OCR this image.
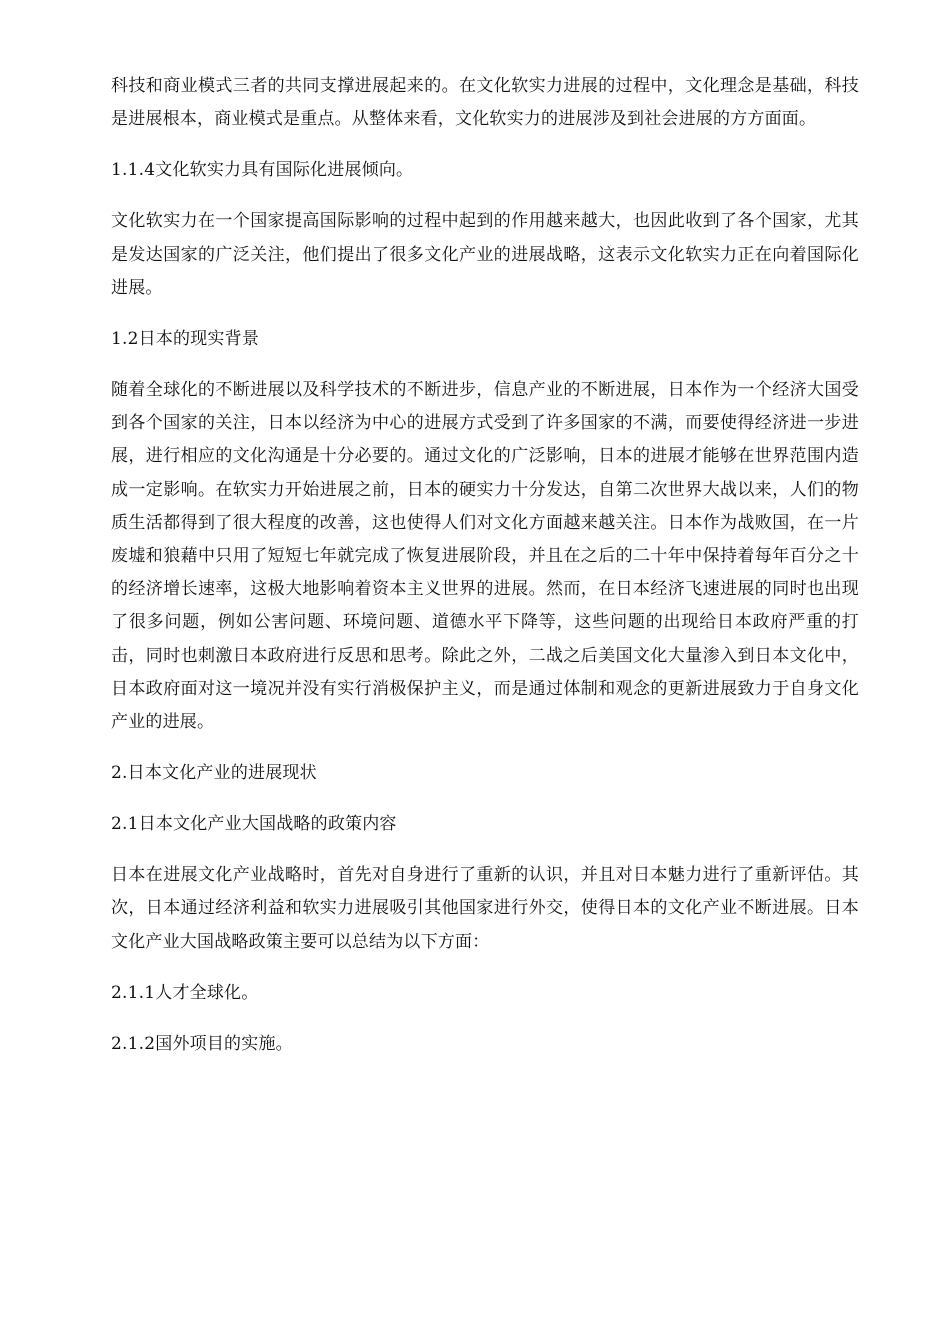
科技和商业模式三者的共同支撑进展起来的。在文化软实力进展的过程中，文化理念是基础，科技是进展根本，商业模式是重点。从整体来看，文化软实力的进展涉及到社会进展的方方面面。

1.1.4文化软实力具有国际化进展倾向。

文化软实力在一个国家提高国际影响的过程中起到的作用越来越大，也因此收到了各个国家，尤其是发达国家的广泛关注，他们提出了很多文化产业的进展战略，这表示文化软实力正在向着国际化进展。

1.2日本的现实背景

随着全球化的不断进展以及科学技术的不断进步，信息产业的不断进展，日本作为一个经济大国受到各个国家的关注，日本以经济为中心的进展方式受到了许多国家的不满，而要使得经济进一步进展，进行相应的文化沟通是十分必要的。通过文化的广泛影响，日本的进展才能够在世界范围内造成一定影响。在软实力开始进展之前，日本的硬实力十分发达，自第二次世界大战以来，人们的物质生活都得到了很大程度的改善，这也使得人们对文化方面越来越关注。日本作为战败国，在一片废墟和狼藉中只用了短短七年就完成了恢复进展阶段，并且在之后的二十年中保持着每年百分之十的经济增长速率，这极大地影响着资本主义世界的进展。然而，在日本经济飞速进展的同时也出现了很多问题，例如公害问题、环境问题、道德水平下降等，这些问题的出现给日本政府严重的打击，同时也刺激日本政府进行反思和思考。除此之外，二战之后美国文化大量渗入到日本文化中，日本政府面对这一境况并没有实行消极保护主义，而是通过体制和观念的更新进展致力于自身文化产业的进展。

2.日本文化产业的进展现状

2.1日本文化产业大国战略的政策内容

日本在进展文化产业战略时，首先对自身进行了重新的认识，并且对日本魅力进行了重新评估。其次，日本通过经济利益和软实力进展吸引其他国家进行外交，使得日本的文化产业不断进展。日本文化产业大国战略政策主要可以总结为以下方面：

2.1.1人才全球化。

2.1.2国外项目的实施。
